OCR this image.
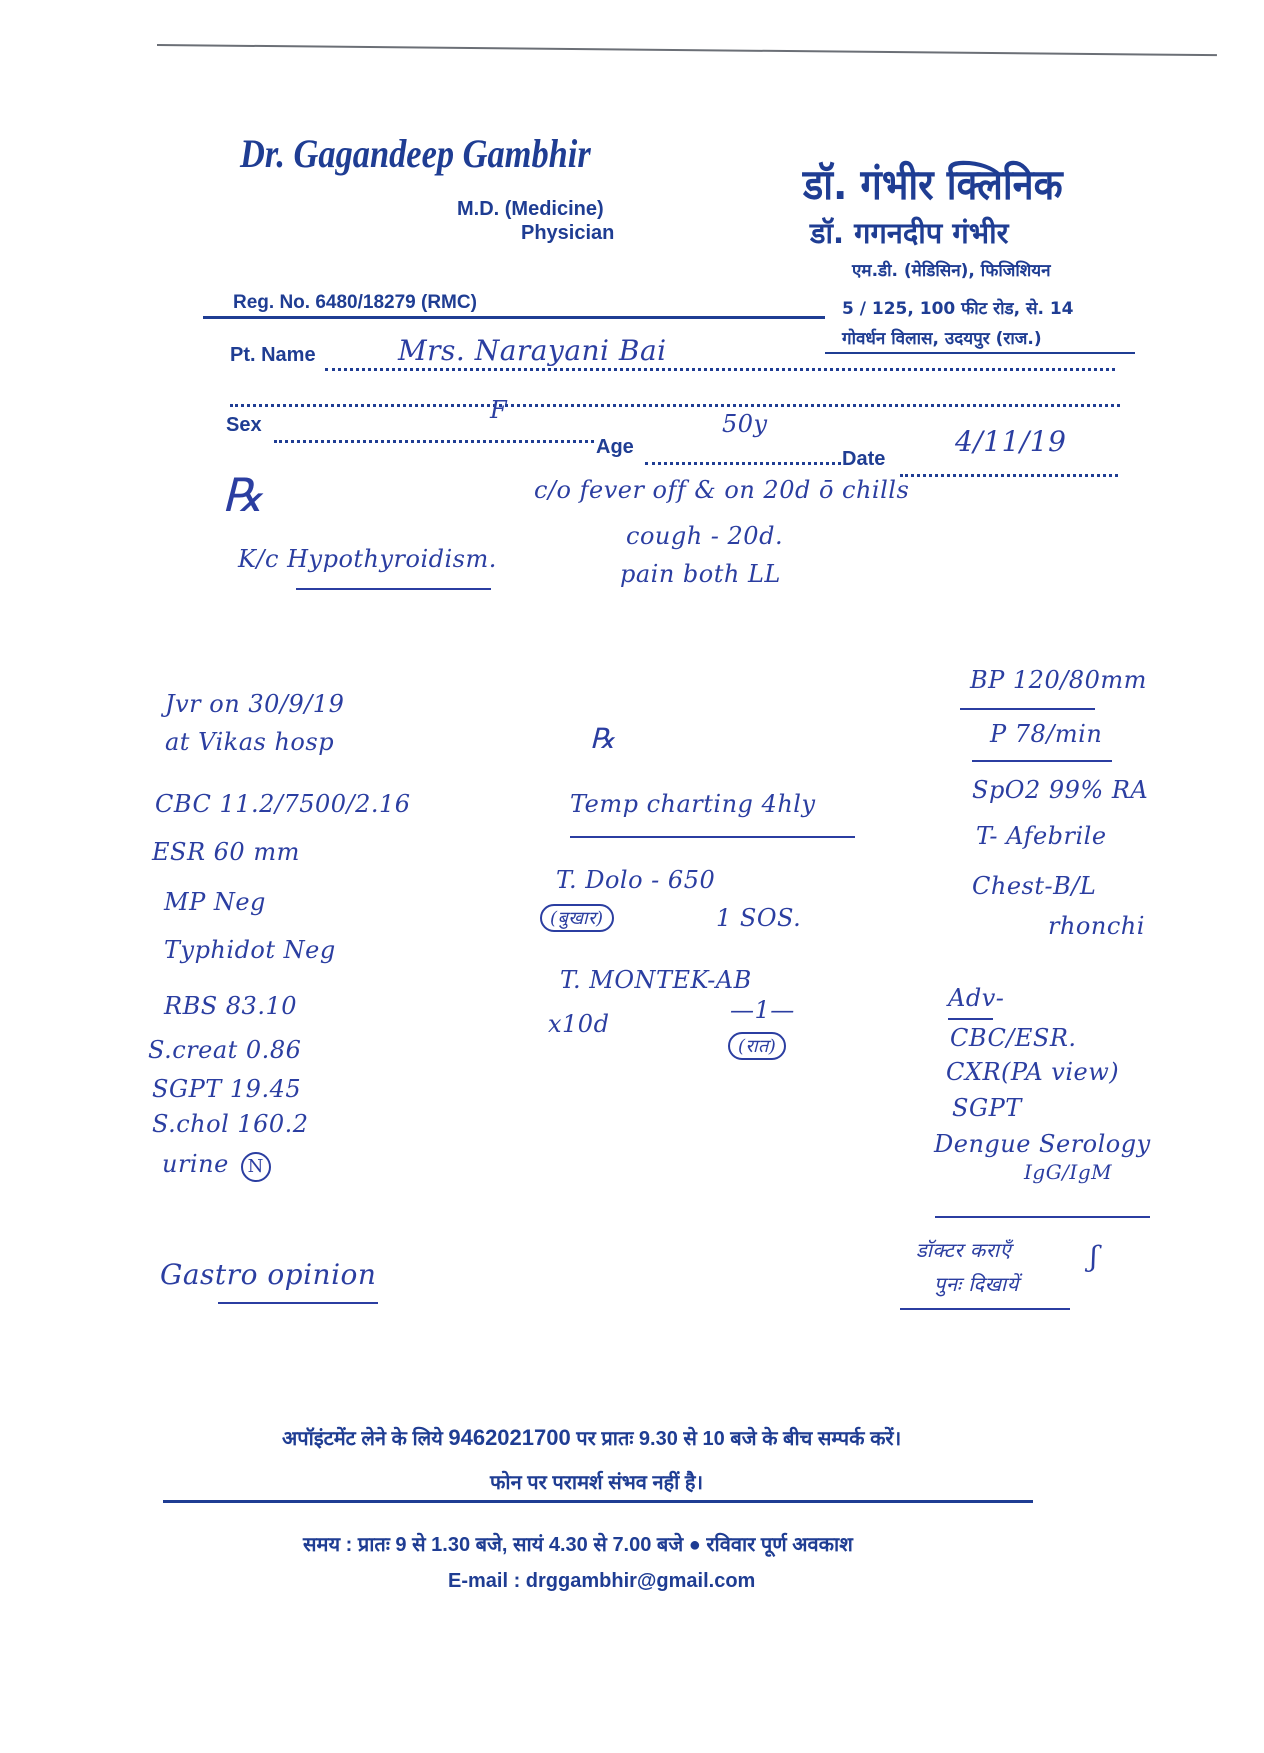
Dr. Gagandeep Gambhir
M.D. (Medicine)
Physician
डॉ. गंभीर क्लिनिक
डॉ. गगनदीप गंभीर
एम.डी. (मेडिसिन), फिजिशियन
5 / 125, 100 फीट रोड, से. 14
गोवर्धन विलास, उदयपुर (राज.)
Reg. No. 6480/18279 (RMC)
Pt. Name	Mrs. Narayani Bai
Sex
F
Age
50y
Date
4/11/19
℞	c/o fever off & on 20d ō chills
cough - 20d.
pain both LL
K/c Hypothyroidism.
Jvr on 30/9/19
at Vikas hosp
CBC 11.2/7500/2.16
ESR 60 mm
MP Neg
Typhidot Neg
RBS 83.10
S.creat 0.86
SGPT 19.45
S.chol 160.2
urine N
℞
Temp charting 4hly
T. Dolo - 650
(बुखार)	1 SOS.
T. MONTEK-AB
x10d	—1—
(रात)
BP 120/80mm
P 78/min
SpO2 99% RA
T- Afebrile
Chest-B/L
rhonchi
Adv-
CBC/ESR.
CXR(PA view)
SGPT
Dengue Serology
IgG/IgM
डॉक्टर कराएँ
पुनः दिखायें
ʃ
Gastro opinion
अपॉइंटमेंट लेने के लिये 9462021700 पर प्रातः 9.30 से 10 बजे के बीच सम्पर्क करें।
फोन पर परामर्श संभव नहीं है।
समय : प्रातः 9 से 1.30 बजे, सायं 4.30 से 7.00 बजे ● रविवार पूर्ण अवकाश
E-mail : drggambhir@gmail.com
